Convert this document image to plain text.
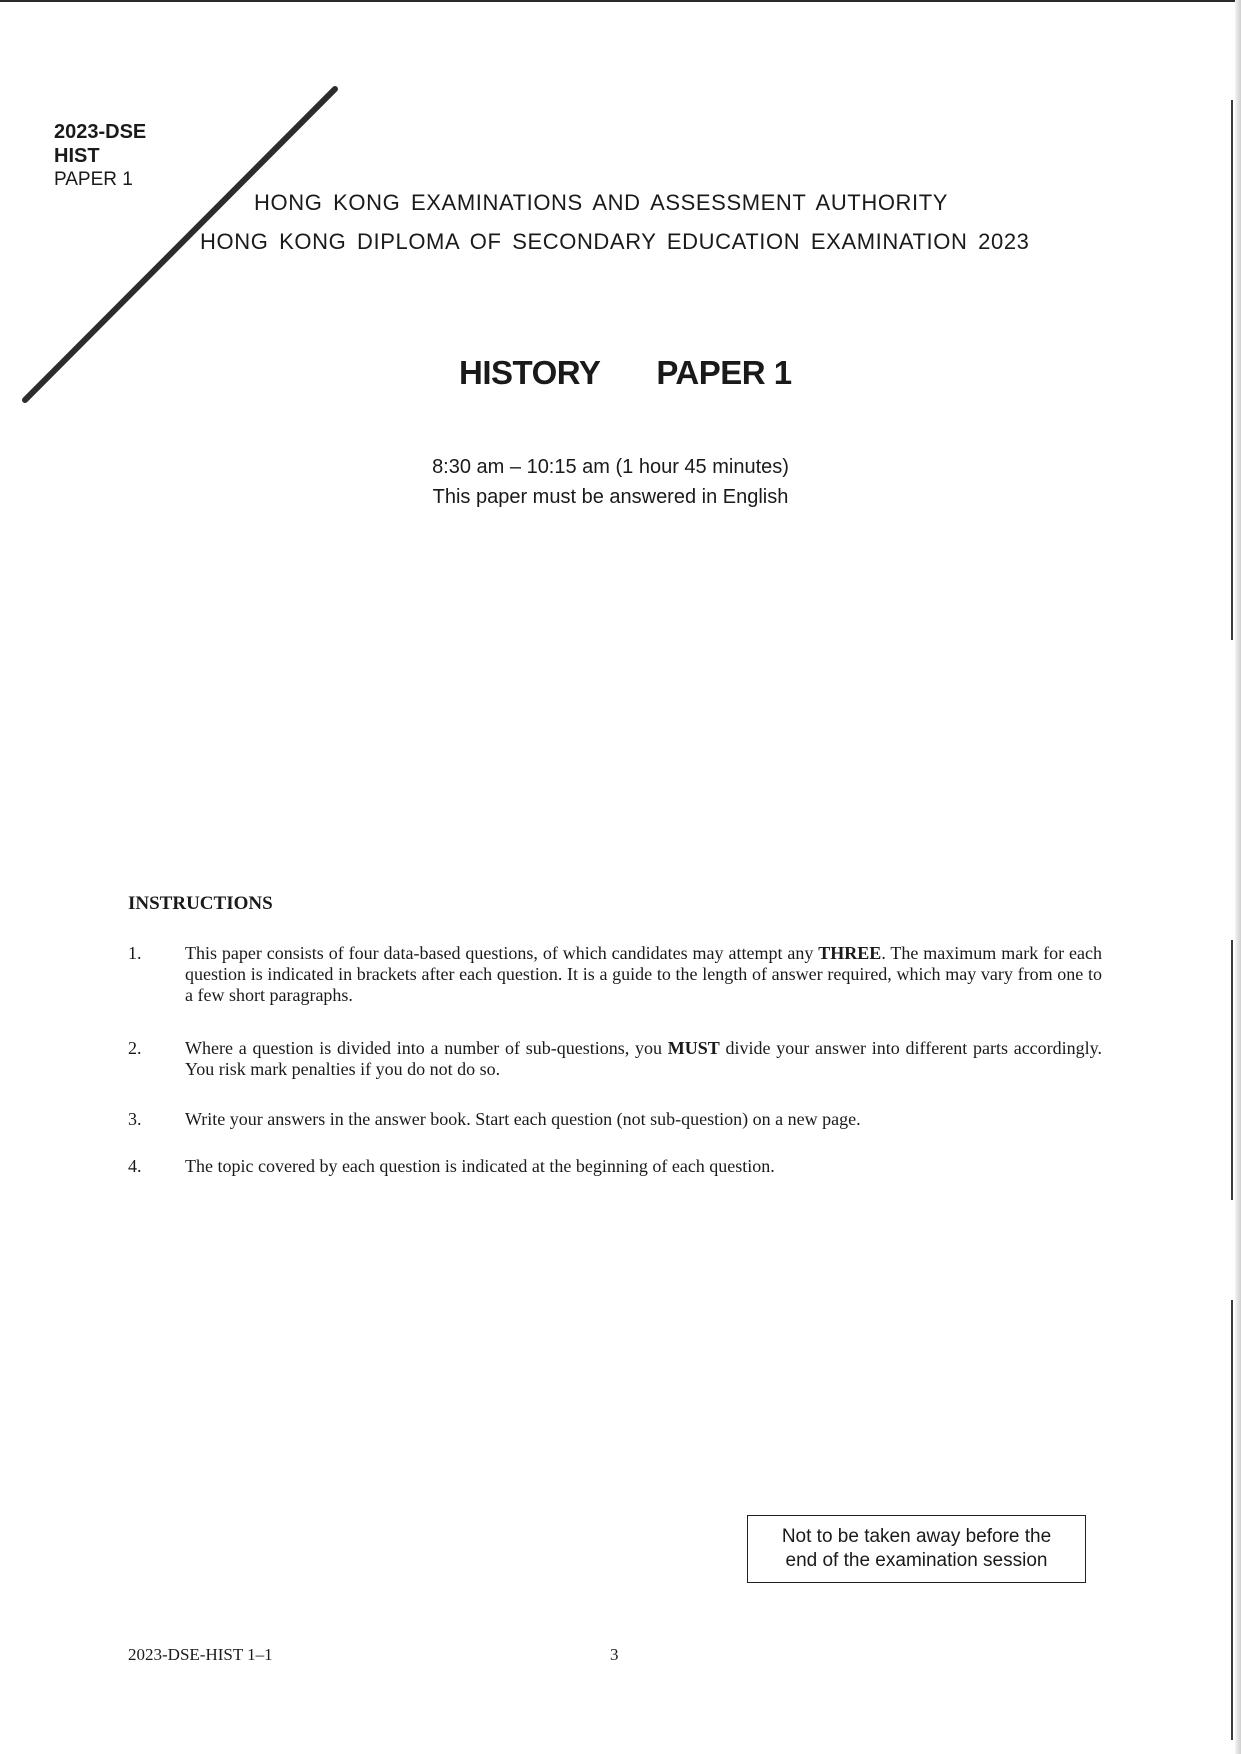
2023-DSE
HIST
PAPER 1
HONG KONG EXAMINATIONS AND ASSESSMENT AUTHORITY
HONG KONG DIPLOMA OF SECONDARY EDUCATION EXAMINATION 2023
HISTORY PAPER 1
8:30 am – 10:15 am (1 hour 45 minutes)
This paper must be answered in English
INSTRUCTIONS
1. This paper consists of four data-based questions, of which candidates may attempt any THREE. The maximum mark for each question is indicated in brackets after each question. It is a guide to the length of answer required, which may vary from one to a few short paragraphs.
2. Where a question is divided into a number of sub-questions, you MUST divide your answer into different parts accordingly. You risk mark penalties if you do not do so.
3. Write your answers in the answer book. Start each question (not sub-question) on a new page.
4. The topic covered by each question is indicated at the beginning of each question.
Not to be taken away before the
end of the examination session
2023-DSE-HIST 1–1	3
